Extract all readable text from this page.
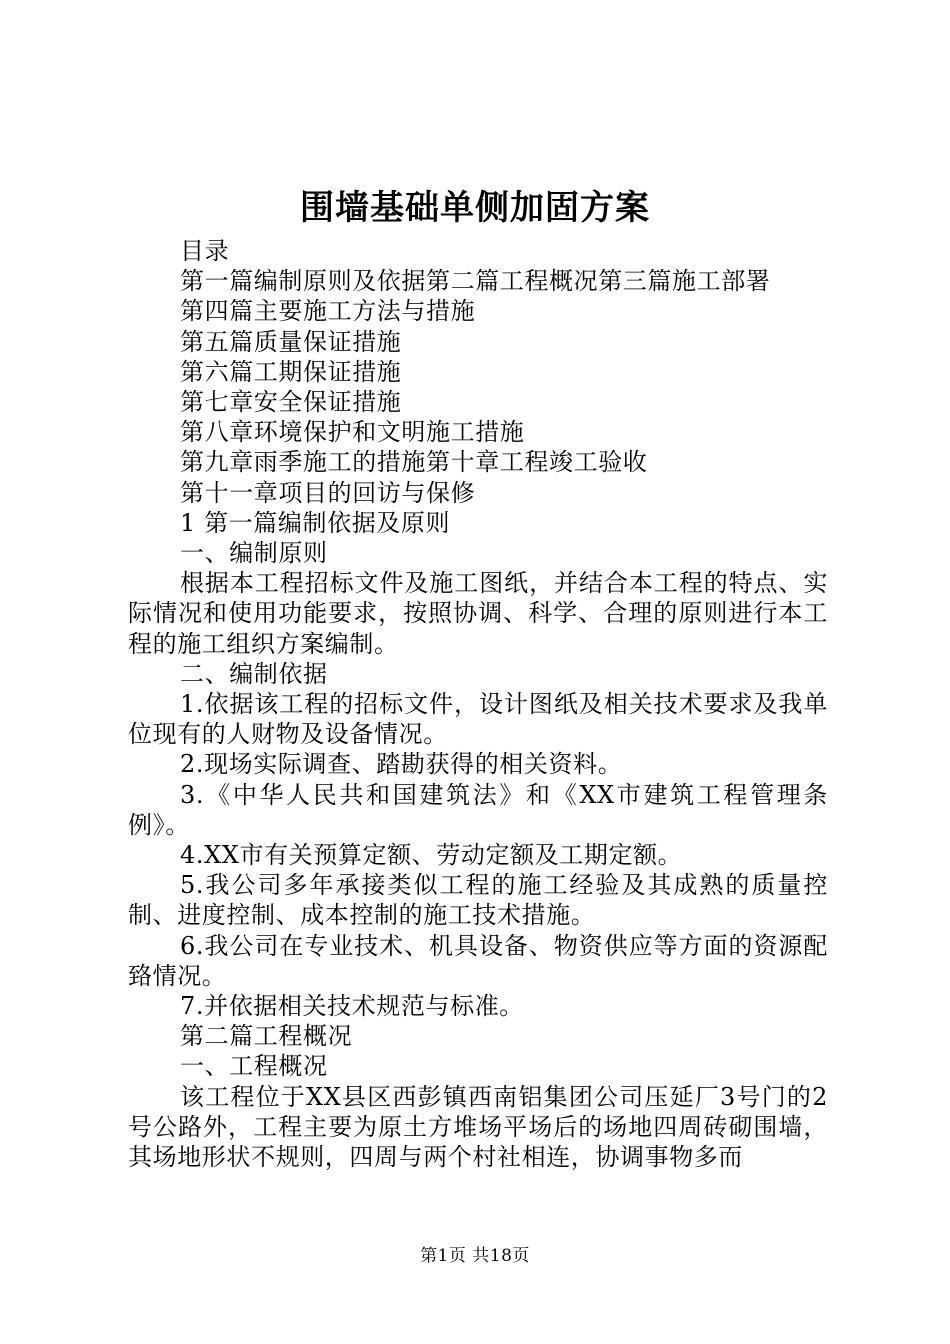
围墙基础单侧加固方案
目录
第一篇编制原则及依据第二篇工程概况第三篇施工部署
第四篇主要施工方法与措施
第五篇质量保证措施
第六篇工期保证措施
第七章安全保证措施
第八章环境保护和文明施工措施
第九章雨季施工的措施第十章工程竣工验收
第十一章项目的回访与保修
1 第一篇编制依据及原则
一、编制原则
根据本工程招标文件及施工图纸，并结合本工程的特点、实际情况和使用功能要求，按照协调、科学、合理的原则进行本工程的施工组织方案编制。
二、编制依据
1.依据该工程的招标文件，设计图纸及相关技术要求及我单位现有的人财物及设备情况。
2.现场实际调查、踏勘获得的相关资料。
3.《中华人民共和国建筑法》和《XX市建筑工程管理条例》。
4.XX市有关预算定额、劳动定额及工期定额。
5.我公司多年承接类似工程的施工经验及其成熟的质量控制、进度控制、成本控制的施工技术措施。
6.我公司在专业技术、机具设备、物资供应等方面的资源配臵情况。
7.并依据相关技术规范与标准。
第二篇工程概况
一、工程概况
该工程位于XX县区西彭镇西南铝集团公司压延厂3号门的2号公路外，工程主要为原土方堆场平场后的场地四周砖砌围墙，其场地形状不规则，四周与两个村社相连，协调事物多而
第1页 共18页
